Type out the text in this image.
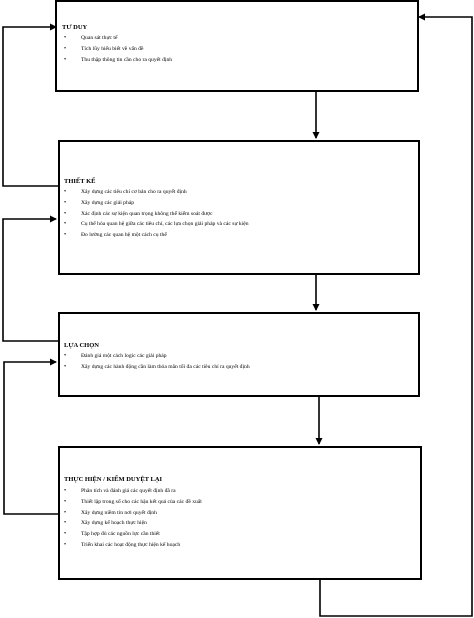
TƯ DUY
• Quan sát thực tế
• Tích lũy hiểu biết về vấn đề
• Thu thập thông tin cần cho ra quyết định
THIẾT KẾ
• Xây dựng các tiêu chí cơ bản cho ra quyết định
• Xây dựng các giải pháp
• Xác định các sự kiện quan trọng không thể kiểm soát được
• Cụ thể hóa quan hệ giữa các tiêu chí, các lựa chọn giải pháp và các sự kiện
• Đo lường các quan hệ một cách cụ thể
LỰA CHỌN
• Đánh giá một cách logic các giải pháp
• Xây dựng các hành động cần làm thỏa mãn tối đa các tiêu chí ra quyết định
THỰC HIỆN / KIỂM DUYỆT LẠI
• Phân tích và đánh giá các quyết định đã ra
• Thiết lập trong số cho các hậu kết quả của các đề xuất
• Xây dựng niềm tin nơi quyết định
• Xây dựng kế hoạch thực hiện
• Tập hợp đủ các nguồn lực cần thiết
• Triển khai các hoạt động thực hiện kế hoạch
